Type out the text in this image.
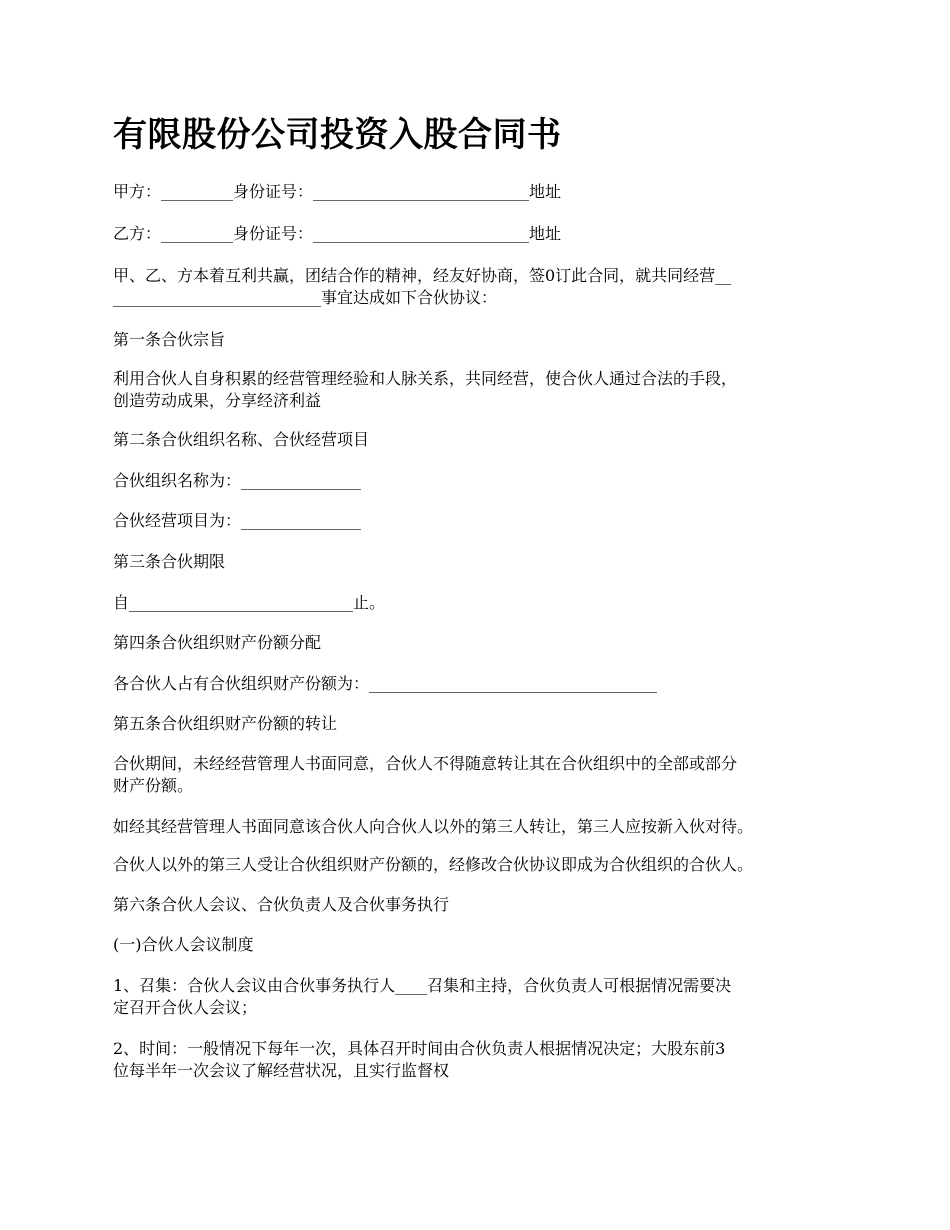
有限股份公司投资入股合同书

甲方：_________身份证号：___________________________地址

乙方：_________身份证号：___________________________地址

甲、乙、方本着互利共赢，团结合作的精神，经友好协商，签0订此合同，就共同经营__
__________________________事宜达成如下合伙协议：

第一条合伙宗旨

利用合伙人自身积累的经营管理经验和人脉关系，共同经营，使合伙人通过合法的手段，
创造劳动成果，分享经济利益

第二条合伙组织名称、合伙经营项目

合伙组织名称为：_______________

合伙经营项目为：_______________

第三条合伙期限

自____________________________止。

第四条合伙组织财产份额分配

各合伙人占有合伙组织财产份额为：____________________________________

第五条合伙组织财产份额的转让

合伙期间，未经经营管理人书面同意，合伙人不得随意转让其在合伙组织中的全部或部分
财产份额。

如经其经营管理人书面同意该合伙人向合伙人以外的第三人转让，第三人应按新入伙对待。

合伙人以外的第三人受让合伙组织财产份额的，经修改合伙协议即成为合伙组织的合伙人。

第六条合伙人会议、合伙负责人及合伙事务执行

(一)合伙人会议制度

1、召集：合伙人会议由合伙事务执行人____召集和主持，合伙负责人可根据情况需要决
定召开合伙人会议；

2、时间：一般情况下每年一次，具体召开时间由合伙负责人根据情况决定；大股东前3
位每半年一次会议了解经营状况，且实行监督权
